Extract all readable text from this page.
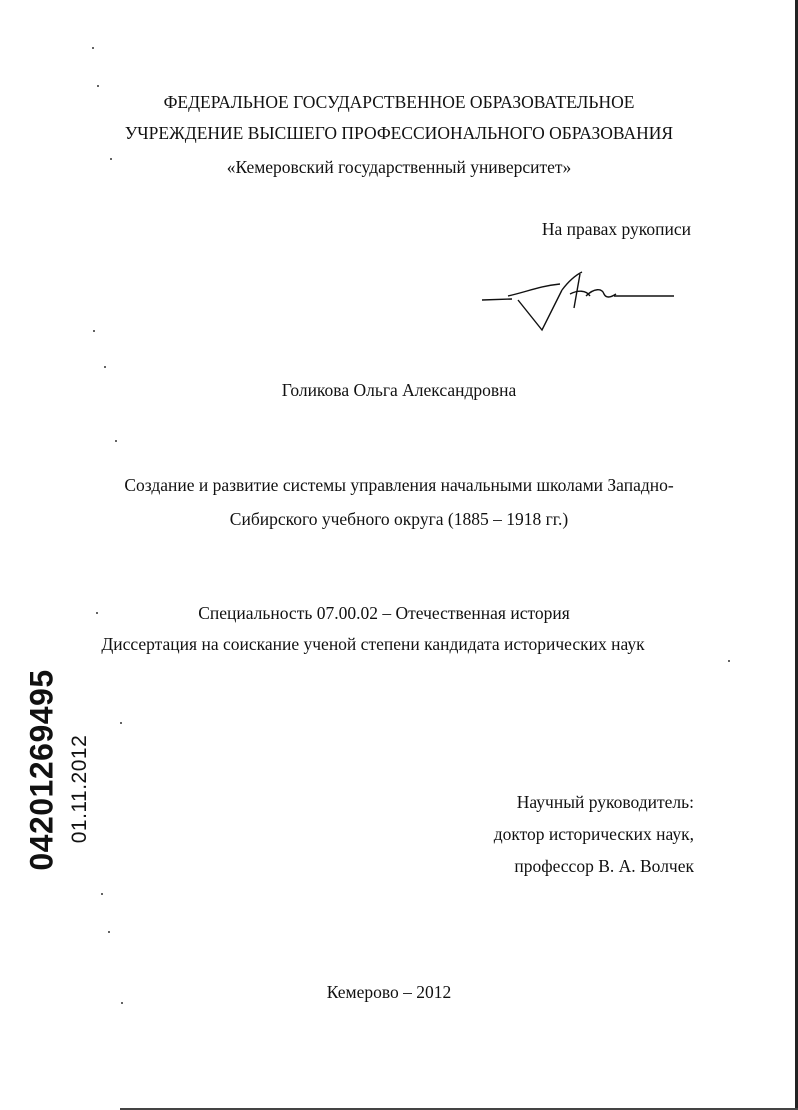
ФЕДЕРАЛЬНОЕ ГОСУДАРСТВЕННОЕ ОБРАЗОВАТЕЛЬНОЕ
УЧРЕЖДЕНИЕ ВЫСШЕГО ПРОФЕССИОНАЛЬНОГО ОБРАЗОВАНИЯ
«Кемеровский государственный университет»
На правах рукописи
Голикова Ольга Александровна
Создание и развитие системы управления начальными школами Западно-
Сибирского учебного округа (1885 – 1918 гг.)
Специальность 07.00.02 – Отечественная история
Диссертация на соискание ученой степени кандидата исторических наук
Научный руководитель:
доктор исторических наук,
профессор В. А. Волчек
Кемерово – 2012
04201269495 01.11.2012
